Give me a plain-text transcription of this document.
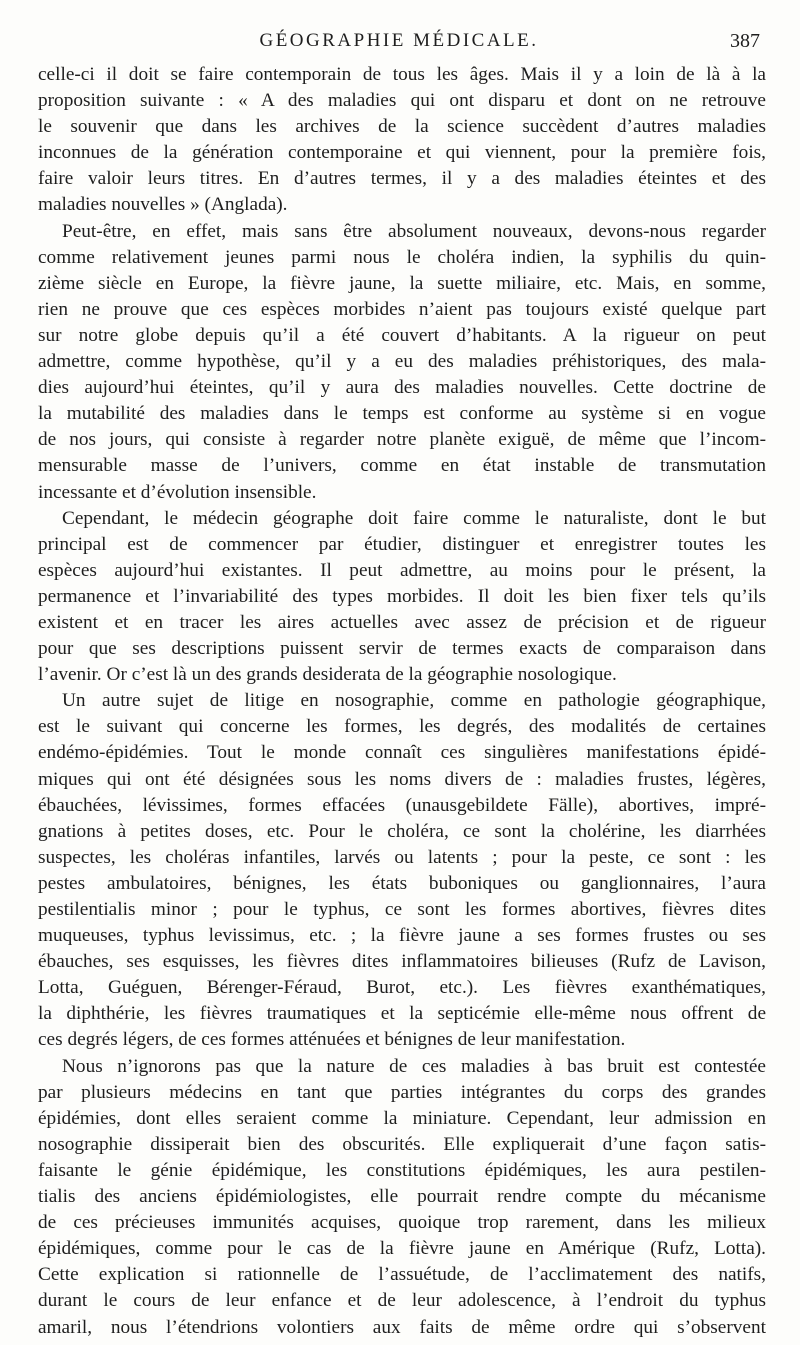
GÉOGRAPHIE MÉDICALE.	387
celle-ci il doit se faire contemporain de tous les âges. Mais il y a loin de là à la
proposition suivante : « A des maladies qui ont disparu et dont on ne retrouve
le souvenir que dans les archives de la science succèdent d’autres maladies
inconnues de la génération contemporaine et qui viennent, pour la première fois,
faire valoir leurs titres. En d’autres termes, il y a des maladies éteintes et des
maladies nouvelles » (Anglada).
Peut-être, en effet, mais sans être absolument nouveaux, devons-nous regarder
comme relativement jeunes parmi nous le choléra indien, la syphilis du quin-
zième siècle en Europe, la fièvre jaune, la suette miliaire, etc. Mais, en somme,
rien ne prouve que ces espèces morbides n’aient pas toujours existé quelque part
sur notre globe depuis qu’il a été couvert d’habitants. A la rigueur on peut
admettre, comme hypothèse, qu’il y a eu des maladies préhistoriques, des mala-
dies aujourd’hui éteintes, qu’il y aura des maladies nouvelles. Cette doctrine de
la mutabilité des maladies dans le temps est conforme au système si en vogue
de nos jours, qui consiste à regarder notre planète exiguë, de même que l’incom-
mensurable masse de l’univers, comme en état instable de transmutation
incessante et d’évolution insensible.
Cependant, le médecin géographe doit faire comme le naturaliste, dont le but
principal est de commencer par étudier, distinguer et enregistrer toutes les
espèces aujourd’hui existantes. Il peut admettre, au moins pour le présent, la
permanence et l’invariabilité des types morbides. Il doit les bien fixer tels qu’ils
existent et en tracer les aires actuelles avec assez de précision et de rigueur
pour que ses descriptions puissent servir de termes exacts de comparaison dans
l’avenir. Or c’est là un des grands desiderata de la géographie nosologique.
Un autre sujet de litige en nosographie, comme en pathologie géographique,
est le suivant qui concerne les formes, les degrés, des modalités de certaines
endémo-épidémies. Tout le monde connaît ces singulières manifestations épidé-
miques qui ont été désignées sous les noms divers de : maladies frustes, légères,
ébauchées, lévissimes, formes effacées (unausgebildete Fälle), abortives, impré-
gnations à petites doses, etc. Pour le choléra, ce sont la cholérine, les diarrhées
suspectes, les choléras infantiles, larvés ou latents ; pour la peste, ce sont : les
pestes ambulatoires, bénignes, les états buboniques ou ganglionnaires, l’aura
pestilentialis minor ; pour le typhus, ce sont les formes abortives, fièvres dites
muqueuses, typhus levissimus, etc. ; la fièvre jaune a ses formes frustes ou ses
ébauches, ses esquisses, les fièvres dites inflammatoires bilieuses (Rufz de Lavison,
Lotta, Guéguen, Bérenger-Féraud, Burot, etc.). Les fièvres exanthématiques,
la diphthérie, les fièvres traumatiques et la septicémie elle-même nous offrent de
ces degrés légers, de ces formes atténuées et bénignes de leur manifestation.
Nous n’ignorons pas que la nature de ces maladies à bas bruit est contestée
par plusieurs médecins en tant que parties intégrantes du corps des grandes
épidémies, dont elles seraient comme la miniature. Cependant, leur admission en
nosographie dissiperait bien des obscurités. Elle expliquerait d’une façon satis-
faisante le génie épidémique, les constitutions épidémiques, les aura pestilen-
tialis des anciens épidémiologistes, elle pourrait rendre compte du mécanisme
de ces précieuses immunités acquises, quoique trop rarement, dans les milieux
épidémiques, comme pour le cas de la fièvre jaune en Amérique (Rufz, Lotta).
Cette explication si rationnelle de l’assuétude, de l’acclimatement des natifs,
durant le cours de leur enfance et de leur adolescence, à l’endroit du typhus
amaril, nous l’étendrions volontiers aux faits de même ordre qui s’observent
